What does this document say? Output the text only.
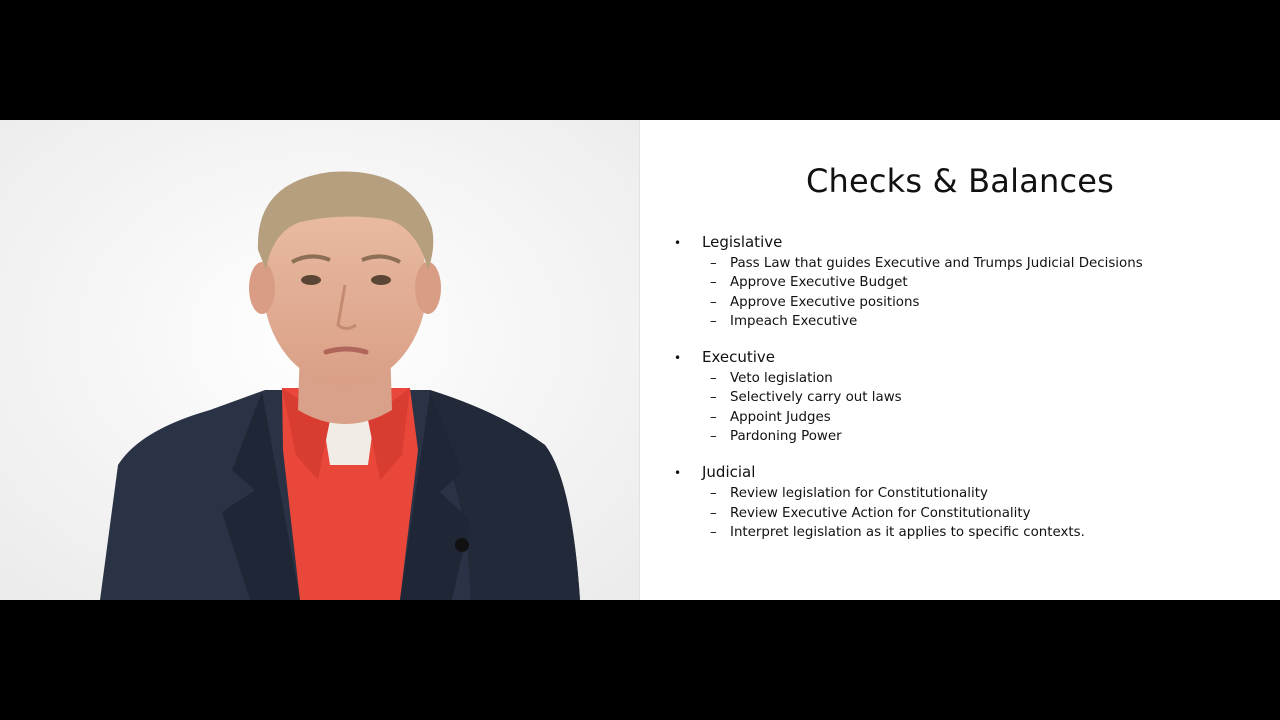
Checks & Balances
• Legislative
– Pass Law that guides Executive and Trumps Judicial Decisions
– Approve Executive Budget
– Approve Executive positions
– Impeach Executive
• Executive
– Veto legislation
– Selectively carry out laws
– Appoint Judges
– Pardoning Power
• Judicial
– Review legislation for Constitutionality
– Review Executive Action for Constitutionality
– Interpret legislation as it applies to specific contexts.
